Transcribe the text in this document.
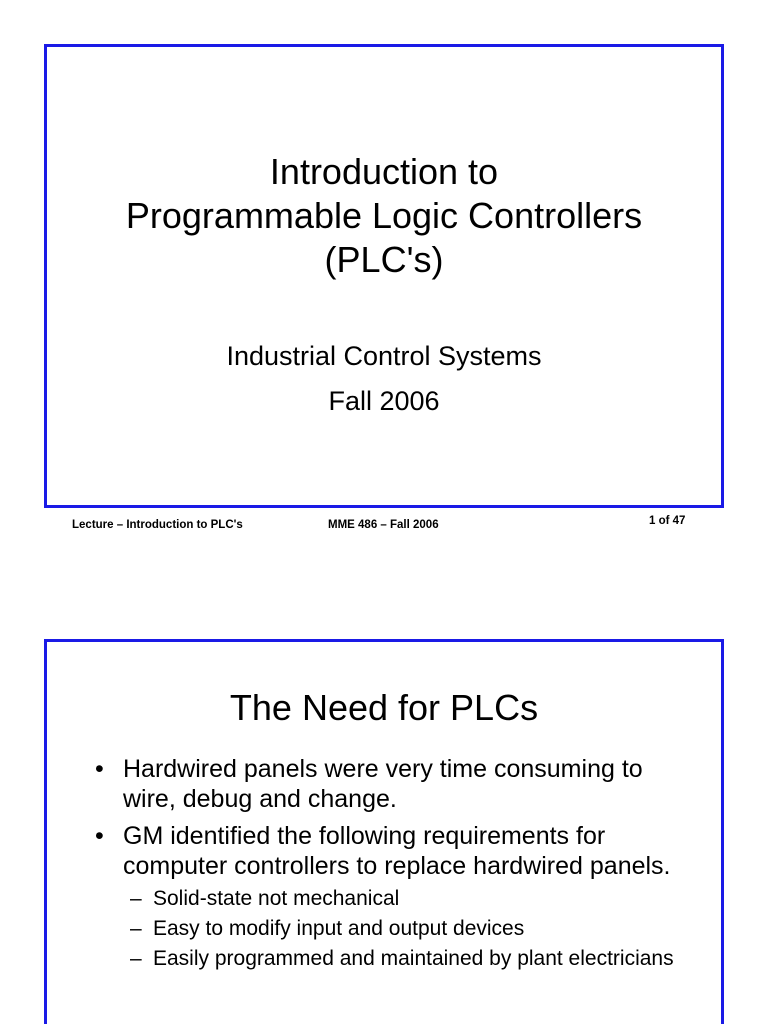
Introduction to
Programmable Logic Controllers
(PLC's)
Industrial Control Systems
Fall 2006
Lecture – Introduction to PLC's	MME 486 – Fall 2006	1 of 47
The Need for PLCs
• Hardwired panels were very time consuming to wire, debug and change.
• GM identified the following requirements for computer controllers to replace hardwired panels.
– Solid-state not mechanical
– Easy to modify input and output devices
– Easily programmed and maintained by plant electricians
